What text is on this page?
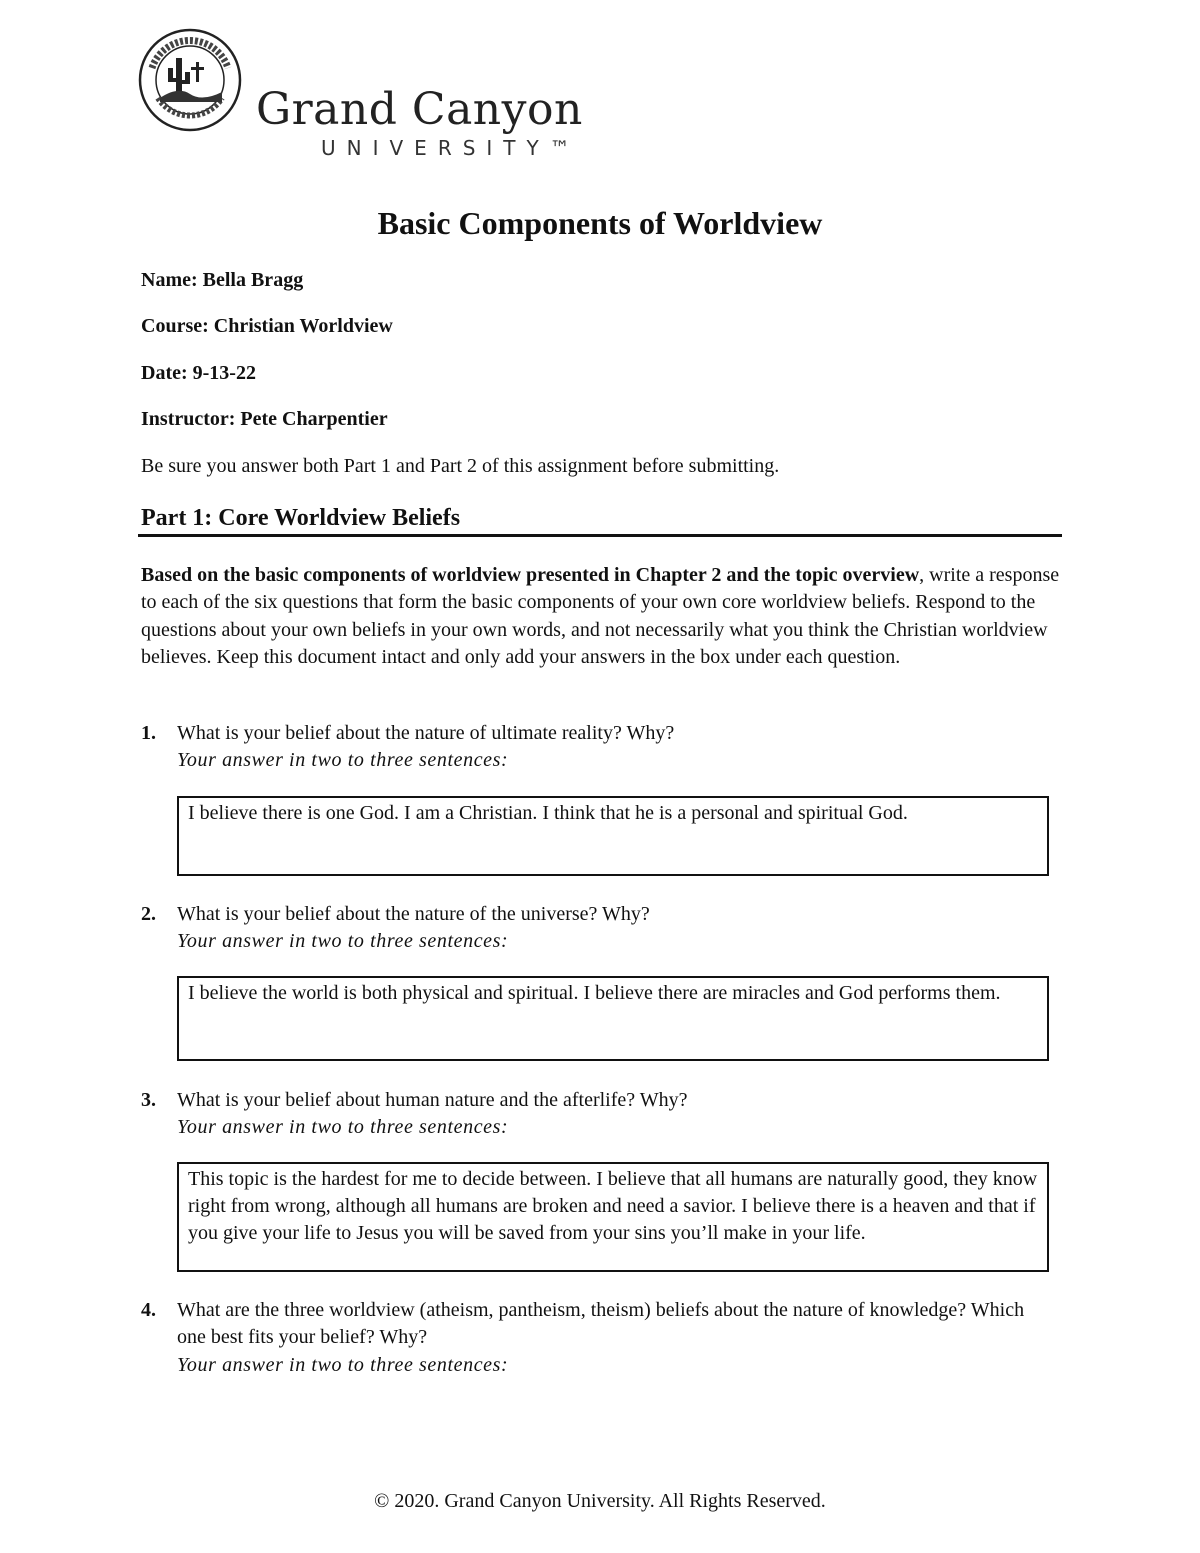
Grand Canyon
UNIVERSITY™
Basic Components of Worldview
Name: Bella Bragg
Course: Christian Worldview
Date: 9-13-22
Instructor: Pete Charpentier
Be sure you answer both Part 1 and Part 2 of this assignment before submitting.
Part 1: Core Worldview Beliefs
Based on the basic components of worldview presented in Chapter 2 and the topic overview, write a response to each of the six questions that form the basic components of your own core worldview beliefs. Respond to the questions about your own beliefs in your own words, and not necessarily what you think the Christian worldview believes. Keep this document intact and only add your answers in the box under each question.
1. What is your belief about the nature of ultimate reality? Why?
Your answer in two to three sentences:
I believe there is one God. I am a Christian. I think that he is a personal and spiritual God.
2. What is your belief about the nature of the universe? Why?
Your answer in two to three sentences:
I believe the world is both physical and spiritual. I believe there are miracles and God performs them.
3. What is your belief about human nature and the afterlife? Why?
Your answer in two to three sentences:
This topic is the hardest for me to decide between. I believe that all humans are naturally good, they know right from wrong, although all humans are broken and need a savior. I believe there is a heaven and that if you give your life to Jesus you will be saved from your sins you’ll make in your life.
4. What are the three worldview (atheism, pantheism, theism) beliefs about the nature of knowledge? Which one best fits your belief? Why?
Your answer in two to three sentences:
© 2020. Grand Canyon University. All Rights Reserved.
